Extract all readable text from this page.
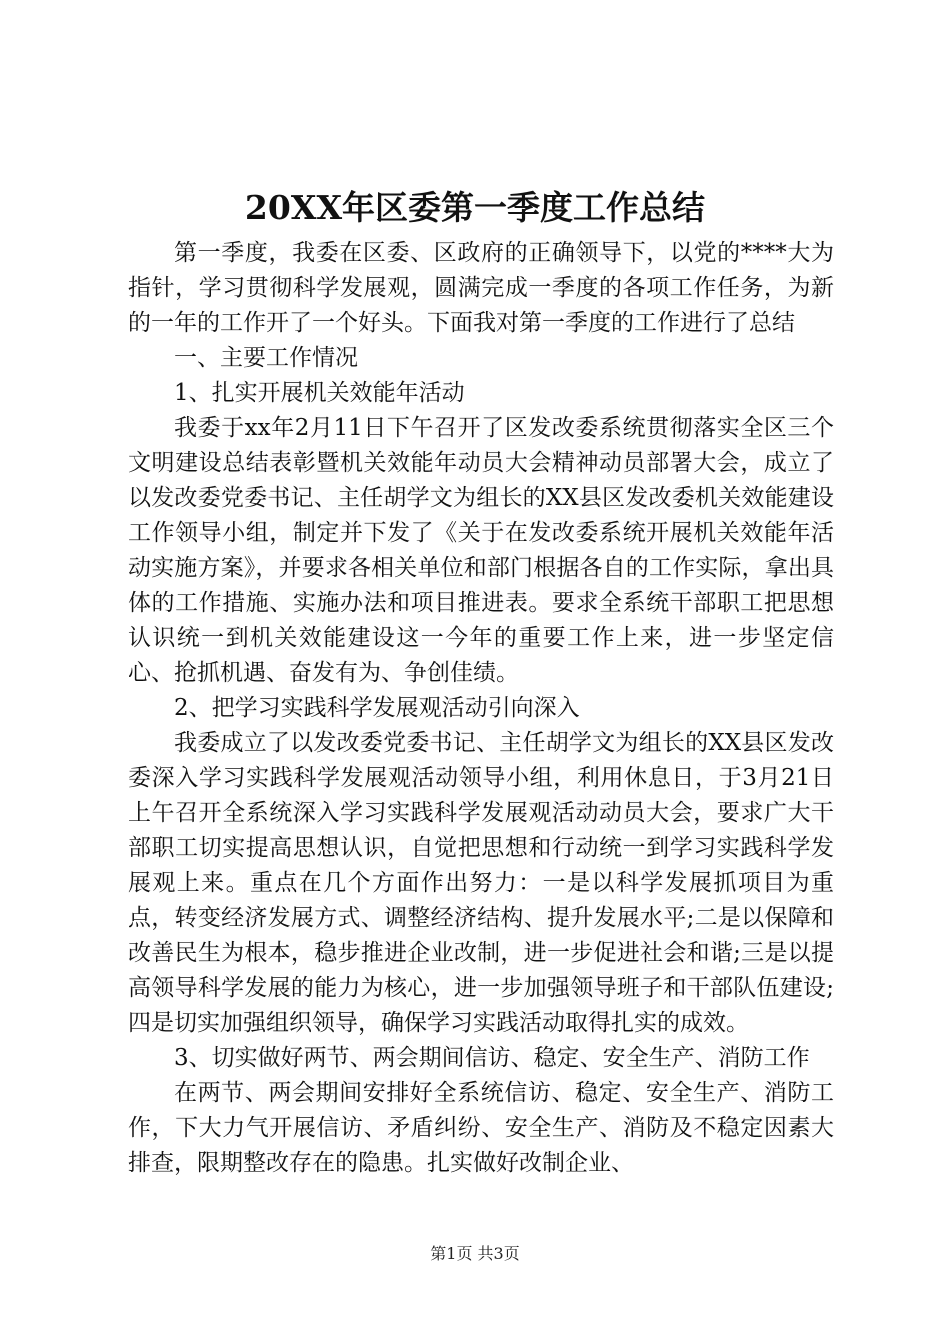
20XX年区委第一季度工作总结

第一季度，我委在区委、区政府的正确领导下，以党的****大为指针，学习贯彻科学发展观，圆满完成一季度的各项工作任务，为新的一年的工作开了一个好头。下面我对第一季度的工作进行了总结

一、主要工作情况

1、扎实开展机关效能年活动

我委于xx年2月11日下午召开了区发改委系统贯彻落实全区三个文明建设总结表彰暨机关效能年动员大会精神动员部署大会，成立了以发改委党委书记、主任胡学文为组长的XX县区发改委机关效能建设工作领导小组，制定并下发了《关于在发改委系统开展机关效能年活动实施方案》，并要求各相关单位和部门根据各自的工作实际，拿出具体的工作措施、实施办法和项目推进表。要求全系统干部职工把思想认识统一到机关效能建设这一今年的重要工作上来，进一步坚定信心、抢抓机遇、奋发有为、争创佳绩。

2、把学习实践科学发展观活动引向深入

我委成立了以发改委党委书记、主任胡学文为组长的XX县区发改委深入学习实践科学发展观活动领导小组，利用休息日，于3月21日上午召开全系统深入学习实践科学发展观活动动员大会，要求广大干部职工切实提高思想认识，自觉把思想和行动统一到学习实践科学发展观上来。重点在几个方面作出努力：一是以科学发展抓项目为重点，转变经济发展方式、调整经济结构、提升发展水平;二是以保障和改善民生为根本，稳步推进企业改制，进一步促进社会和谐;三是以提高领导科学发展的能力为核心，进一步加强领导班子和干部队伍建设;四是切实加强组织领导，确保学习实践活动取得扎实的成效。

3、切实做好两节、两会期间信访、稳定、安全生产、消防工作

在两节、两会期间安排好全系统信访、稳定、安全生产、消防工作，下大力气开展信访、矛盾纠纷、安全生产、消防及不稳定因素大排查，限期整改存在的隐患。扎实做好改制企业、

第1页 共3页
